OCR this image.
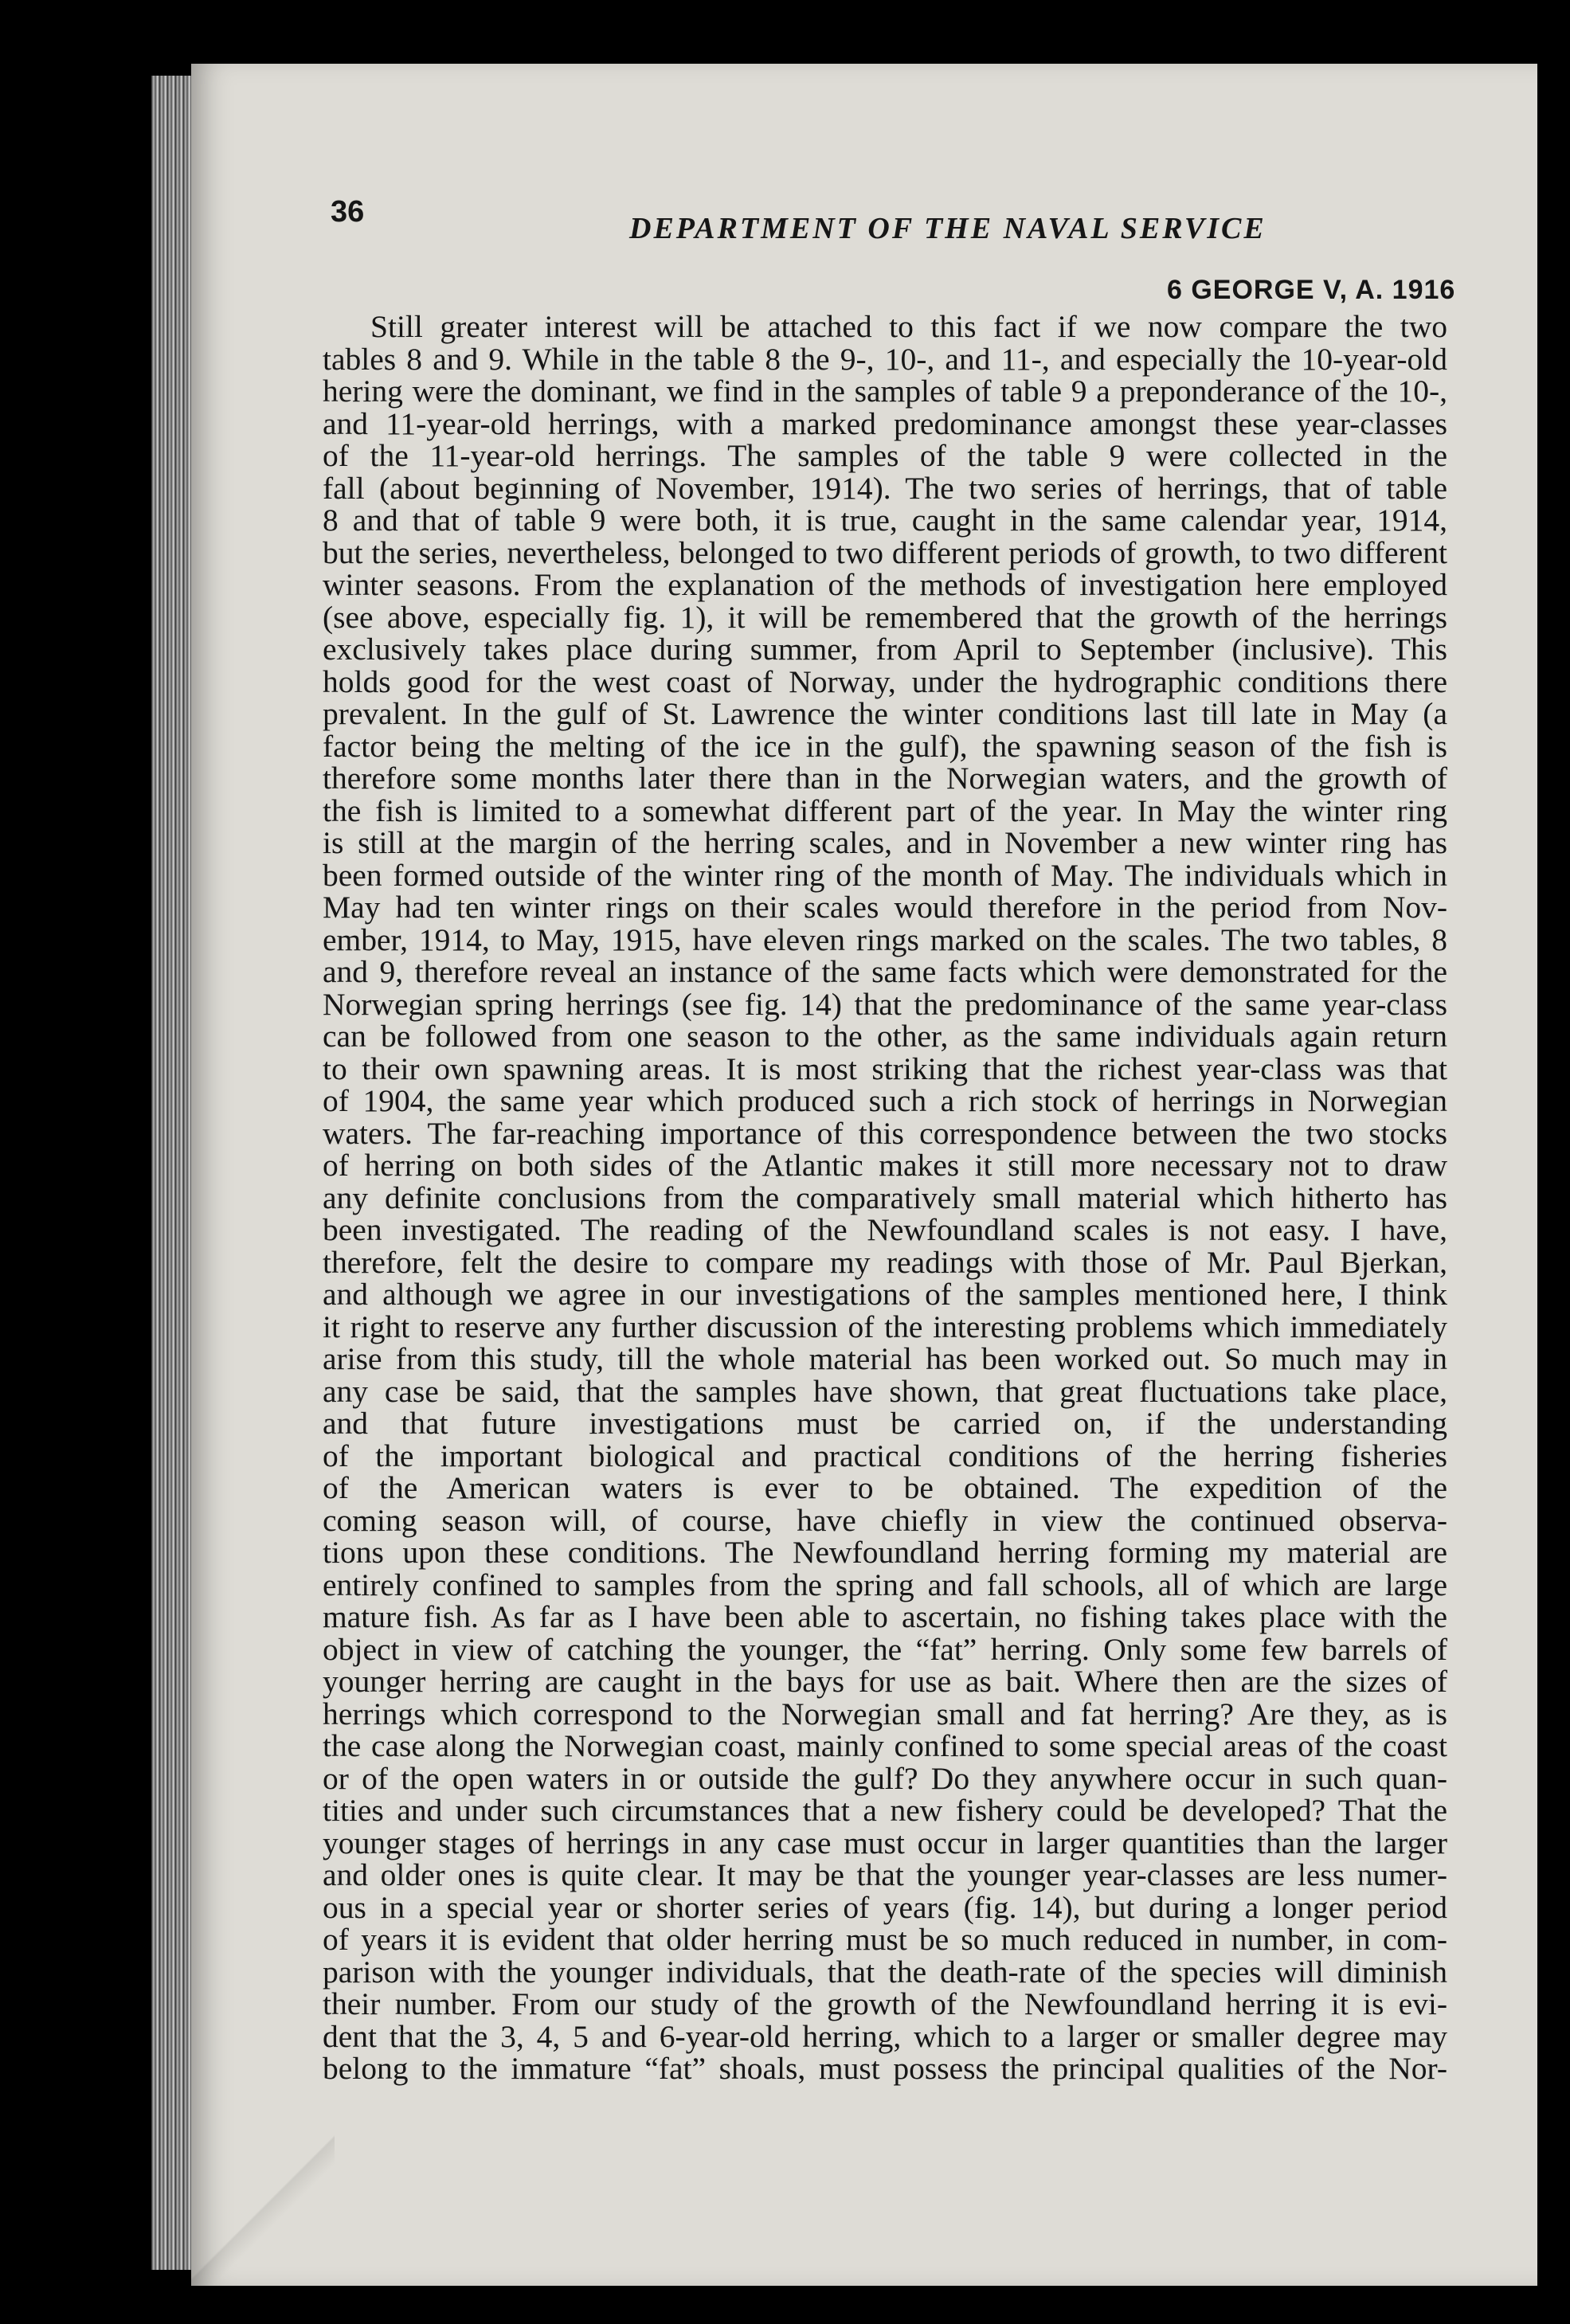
36	DEPARTMENT OF THE NAVAL SERVICE
6 GEORGE V, A. 1916
Still greater interest will be attached to this fact if we now compare the two
tables 8 and 9. While in the table 8 the 9-, 10-, and 11-, and especially the 10-year-old
hering were the dominant, we find in the samples of table 9 a preponderance of the 10-,
and 11-year-old herrings, with a marked predominance amongst these year-classes
of the 11-year-old herrings. The samples of the table 9 were collected in the
fall (about beginning of November, 1914). The two series of herrings, that of table
8 and that of table 9 were both, it is true, caught in the same calendar year, 1914,
but the series, nevertheless, belonged to two different periods of growth, to two different
winter seasons. From the explanation of the methods of investigation here employed
(see above, especially fig. 1), it will be remembered that the growth of the herrings
exclusively takes place during summer, from April to September (inclusive). This
holds good for the west coast of Norway, under the hydrographic conditions there
prevalent. In the gulf of St. Lawrence the winter conditions last till late in May (a
factor being the melting of the ice in the gulf), the spawning season of the fish is
therefore some months later there than in the Norwegian waters, and the growth of
the fish is limited to a somewhat different part of the year. In May the winter ring
is still at the margin of the herring scales, and in November a new winter ring has
been formed outside of the winter ring of the month of May. The individuals which in
May had ten winter rings on their scales would therefore in the period from Nov-
ember, 1914, to May, 1915, have eleven rings marked on the scales. The two tables, 8
and 9, therefore reveal an instance of the same facts which were demonstrated for the
Norwegian spring herrings (see fig. 14) that the predominance of the same year-class
can be followed from one season to the other, as the same individuals again return
to their own spawning areas. It is most striking that the richest year-class was that
of 1904, the same year which produced such a rich stock of herrings in Norwegian
waters. The far-reaching importance of this correspondence between the two stocks
of herring on both sides of the Atlantic makes it still more necessary not to draw
any definite conclusions from the comparatively small material which hitherto has
been investigated. The reading of the Newfoundland scales is not easy. I have,
therefore, felt the desire to compare my readings with those of Mr. Paul Bjerkan,
and although we agree in our investigations of the samples mentioned here, I think
it right to reserve any further discussion of the interesting problems which immediately
arise from this study, till the whole material has been worked out. So much may in
any case be said, that the samples have shown, that great fluctuations take place,
and that future investigations must be carried on, if the understanding
of the important biological and practical conditions of the herring fisheries
of the American waters is ever to be obtained. The expedition of the
coming season will, of course, have chiefly in view the continued observa-
tions upon these conditions. The Newfoundland herring forming my material are
entirely confined to samples from the spring and fall schools, all of which are large
mature fish. As far as I have been able to ascertain, no fishing takes place with the
object in view of catching the younger, the “fat” herring. Only some few barrels of
younger herring are caught in the bays for use as bait. Where then are the sizes of
herrings which correspond to the Norwegian small and fat herring? Are they, as is
the case along the Norwegian coast, mainly confined to some special areas of the coast
or of the open waters in or outside the gulf? Do they anywhere occur in such quan-
tities and under such circumstances that a new fishery could be developed? That the
younger stages of herrings in any case must occur in larger quantities than the larger
and older ones is quite clear. It may be that the younger year-classes are less numer-
ous in a special year or shorter series of years (fig. 14), but during a longer period
of years it is evident that older herring must be so much reduced in number, in com-
parison with the younger individuals, that the death-rate of the species will diminish
their number. From our study of the growth of the Newfoundland herring it is evi-
dent that the 3, 4, 5 and 6-year-old herring, which to a larger or smaller degree may
belong to the immature “fat” shoals, must possess the principal qualities of the Nor-
